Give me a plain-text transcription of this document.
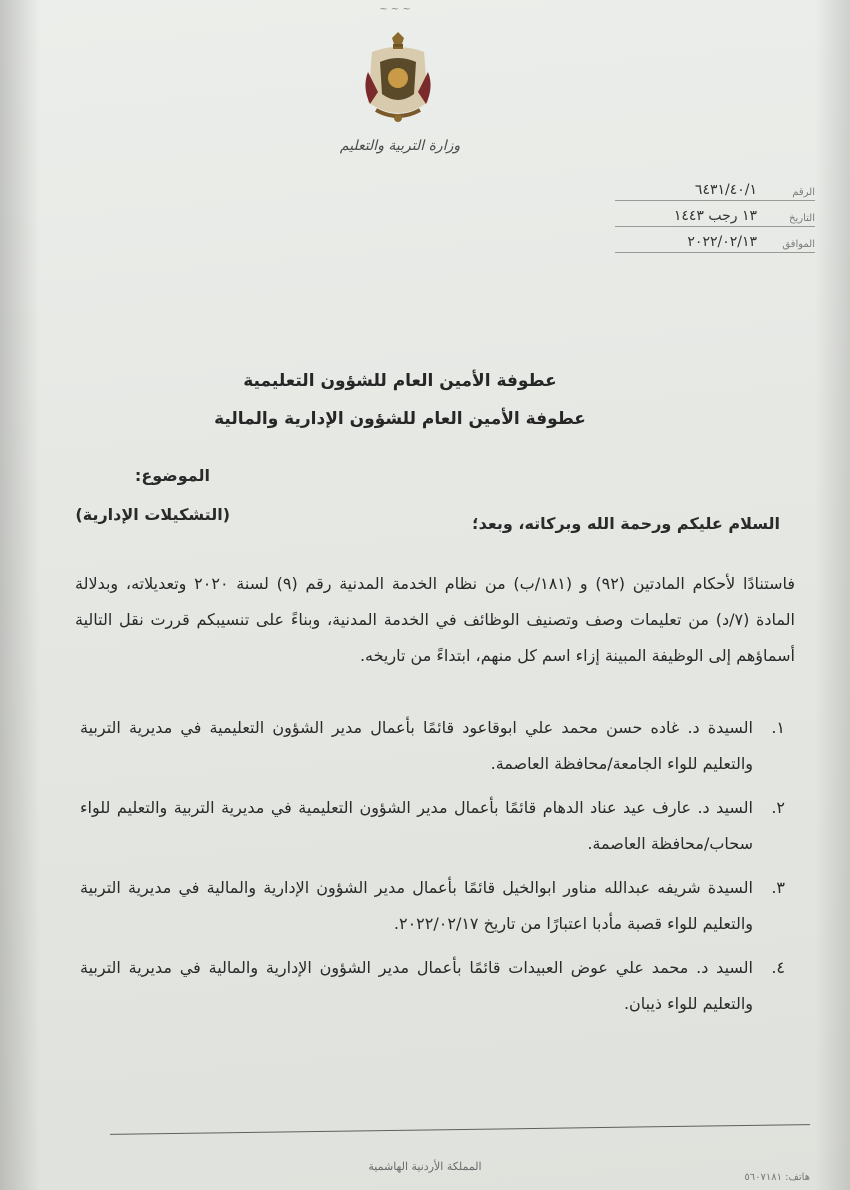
~ ~ ~
وزارة التربية والتعليم
الرقم
٦٤٣١/٤٠/١
التاريخ
١٣ رجب ١٤٤٣
الموافق
٢٠٢٢/٠٢/١٣
عطوفة الأمين العام للشؤون التعليمية
عطوفة الأمين العام للشؤون الإدارية والمالية
الموضوع:
(التشكيلات الإدارية)	السلام عليكم ورحمة الله وبركاته، وبعد؛
فاستنادًا لأحكام المادتين (٩٢) و (١٨١/ب) من نظام الخدمة المدنية رقم (٩) لسنة ٢٠٢٠ وتعديلاته، وبدلالة المادة (٧/د) من تعليمات وصف وتصنيف الوظائف في الخدمة المدنية، وبناءً على تنسيبكم قررت نقل التالية أسماؤهم إلى الوظيفة المبينة إزاء اسم كل منهم، ابتداءً من تاريخه.
١.
السيدة د. غاده حسن محمد علي ابوقاعود قائمًا بأعمال مدير الشؤون التعليمية في مديرية التربية والتعليم للواء الجامعة/محافظة العاصمة.
٢.
السيد د. عارف عيد عناد الدهام قائمًا بأعمال مدير الشؤون التعليمية في مديرية التربية والتعليم للواء سحاب/محافظة العاصمة.
٣.
السيدة شريفه عبدالله مناور ابوالخيل قائمًا بأعمال مدير الشؤون الإدارية والمالية في مديرية التربية والتعليم للواء قصبة مأدبا اعتبارًا من تاريخ ٢٠٢٢/٠٢/١٧.
٤.
السيد د. محمد علي عوض العبيدات قائمًا بأعمال مدير الشؤون الإدارية والمالية في مديرية التربية والتعليم للواء ذيبان.
المملكة الأردنية الهاشمية
هاتف: ٥٦٠٧١٨١
